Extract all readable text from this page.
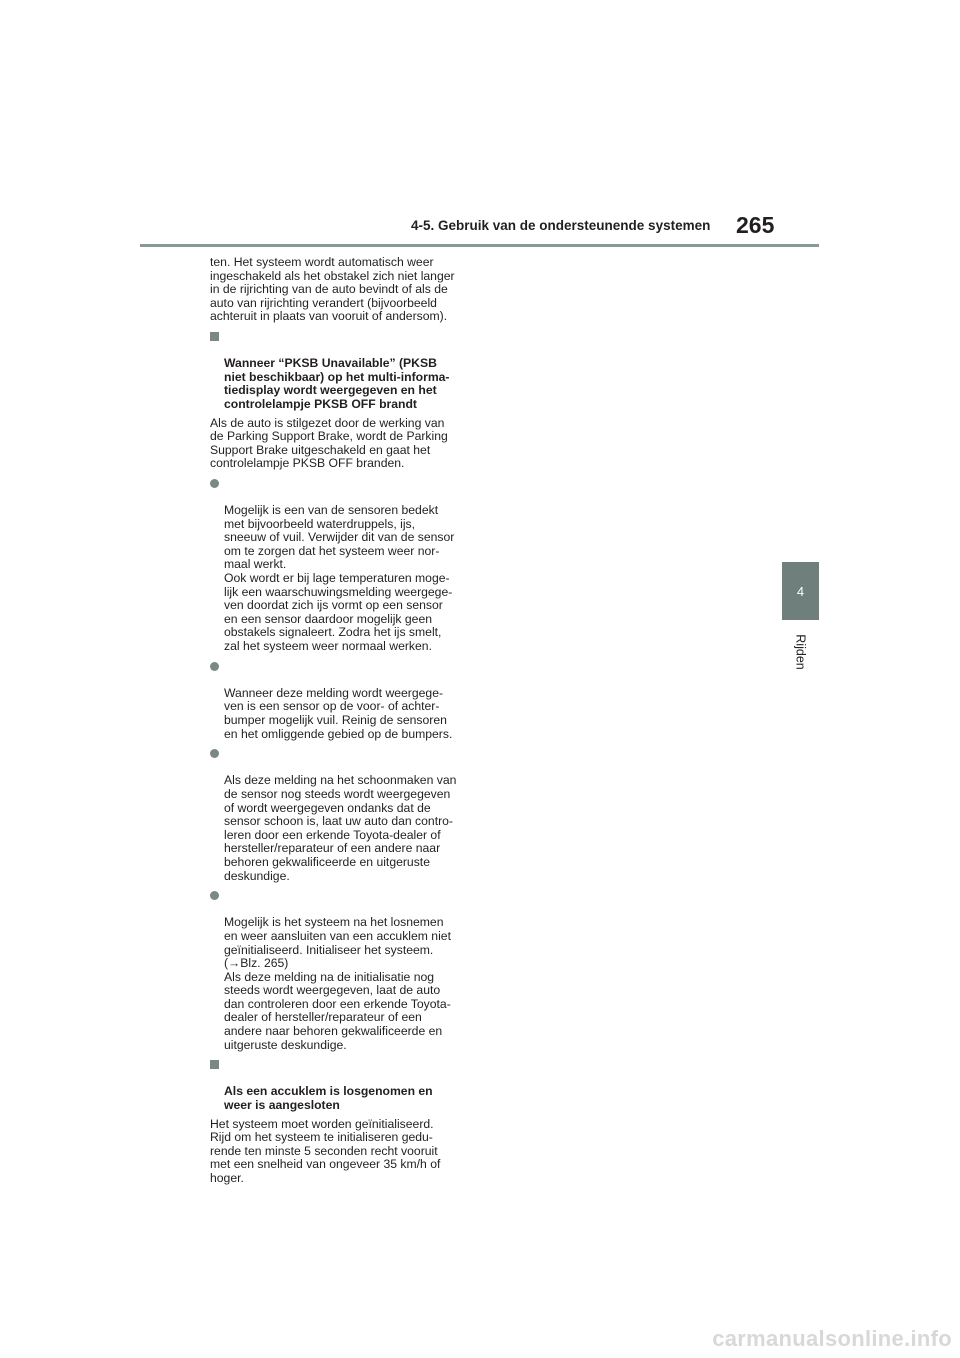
4-5. Gebruik van de ondersteunende systemen 265
4
Rijden

ten. Het systeem wordt automatisch weer
ingeschakeld als het obstakel zich niet langer
in de rijrichting van de auto bevindt of als de
auto van rijrichting verandert (bijvoorbeeld
achteruit in plaats van vooruit of andersom).

Wanneer “PKSB Unavailable” (PKSB
niet beschikbaar) op het multi-informa-
tiedisplay wordt weergegeven en het
controlelampje PKSB OFF brandt

Als de auto is stilgezet door de werking van
de Parking Support Brake, wordt de Parking
Support Brake uitgeschakeld en gaat het
controlelampje PKSB OFF branden.

Mogelijk is een van de sensoren bedekt
met bijvoorbeeld waterdruppels, ijs,
sneeuw of vuil. Verwijder dit van de sensor
om te zorgen dat het systeem weer nor-
maal werkt.
Ook wordt er bij lage temperaturen moge-
lijk een waarschuwingsmelding weergege-
ven doordat zich ijs vormt op een sensor
en een sensor daardoor mogelijk geen
obstakels signaleert. Zodra het ijs smelt,
zal het systeem weer normaal werken.

Wanneer deze melding wordt weergege-
ven is een sensor op de voor- of achter-
bumper mogelijk vuil. Reinig de sensoren
en het omliggende gebied op de bumpers.

Als deze melding na het schoonmaken van
de sensor nog steeds wordt weergegeven
of wordt weergegeven ondanks dat de
sensor schoon is, laat uw auto dan contro-
leren door een erkende Toyota-dealer of
hersteller/reparateur of een andere naar
behoren gekwalificeerde en uitgeruste
deskundige.

Mogelijk is het systeem na het losnemen
en weer aansluiten van een accuklem niet
geïnitialiseerd. Initialiseer het systeem.
(→Blz. 265)
Als deze melding na de initialisatie nog
steeds wordt weergegeven, laat de auto
dan controleren door een erkende Toyota-
dealer of hersteller/reparateur of een
andere naar behoren gekwalificeerde en
uitgeruste deskundige.

Als een accuklem is losgenomen en
weer is aangesloten

Het systeem moet worden geïnitialiseerd.
Rijd om het systeem te initialiseren gedu-
rende ten minste 5 seconden recht vooruit
met een snelheid van ongeveer 35 km/h of
hoger.

carmanualsonline.info
